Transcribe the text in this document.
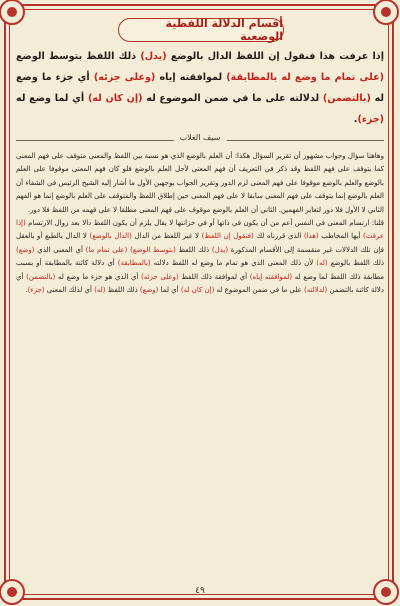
أقسام الدلالة اللفظية الوضعية
إذا عرفت هذا فنقول إن اللفظ الدال بالوضع (يدل) ذلك اللفظ بتوسط الوضع (على تمام ما وضع له بالمطابقة) لموافقته إياه (وعلى جزئه) أي جزء ما وضع له (بالتضمن) لدلالته على ما في ضمن الموضوع له (إن كان له) أي لما وضع له (جزء).
سيف الغلاب

وهاهنا سؤال وجواب مشهور أن تقرير السؤال هكذا: أن العلم بالوضع الذي هو نسبة بين اللفظ والمعنى متوقف على فهم المعنى كما يتوقف على فهم اللفظ وقد ذكر في التعريف أن فهم المعنى لأجل العلم بالوضع فلو كان فهم المعنى موقوفا على العلم بالوضع والعلم بالوضع موقوفا على فهم المعنى لزم الدور وتقرير الجواب بوجهين الأول ما أشار إليه الشيخ الرئيس في الشفاء أن العلم بالوضع إنما يتوقف على فهم المعنى سابقا لا على فهم المعنى حين إطلاق اللفظ والمتوقف على العلم بالوضع إنما هو الفهم الثاني لا الأول فلا دور لتغاير الفهمين. الثاني أن العلم بالوضع موقوف على فهم المعنى مطلقا لا على فهمه من اللفظ فلا دور.

قلنا: ارتسام المعنى في النفس أعم من أن يكون في ذاتها أو في خزانتها لا يقال يلزم أن يكون اللفظ دالا بعد زوال الارتسام (إذا عرفت) أيها المخاطب (هذا) الذي قررناه لك (فنقول إن اللفظ) لا غير اللفظ من الدال (الدال بالوضع) لا الدال بالطبع أو بالعقل فإن تلك الدلالات غير منقسمة إلى الأقسام المذكورة (يدل) ذلك اللفظ (بتوسط الوضع) (على تمام ما) أي المعنى الذي (وضع) ذلك اللفظ بالوضع (له) لأن ذلك المعنى الذي هو تمام ما وضع له اللفظ دلالته (بالمطابقة) أي دلالة كائنة بالمطابقة أو بسبب مطابقة ذلك اللفظ لما وضع له (لموافقته إياه) أي لموافقة ذلك اللفظ (وعلى جزئه) أي الذي هو جزء ما وضع له (بالتضمن) أي دلالة كائنة بالتضمن (لدلالته) على ما في ضمن الموضوع له (إن كان له) أي لما (وضع) ذلك اللفظ (له) أي لذلك المعنى (جزء).

٤٩
